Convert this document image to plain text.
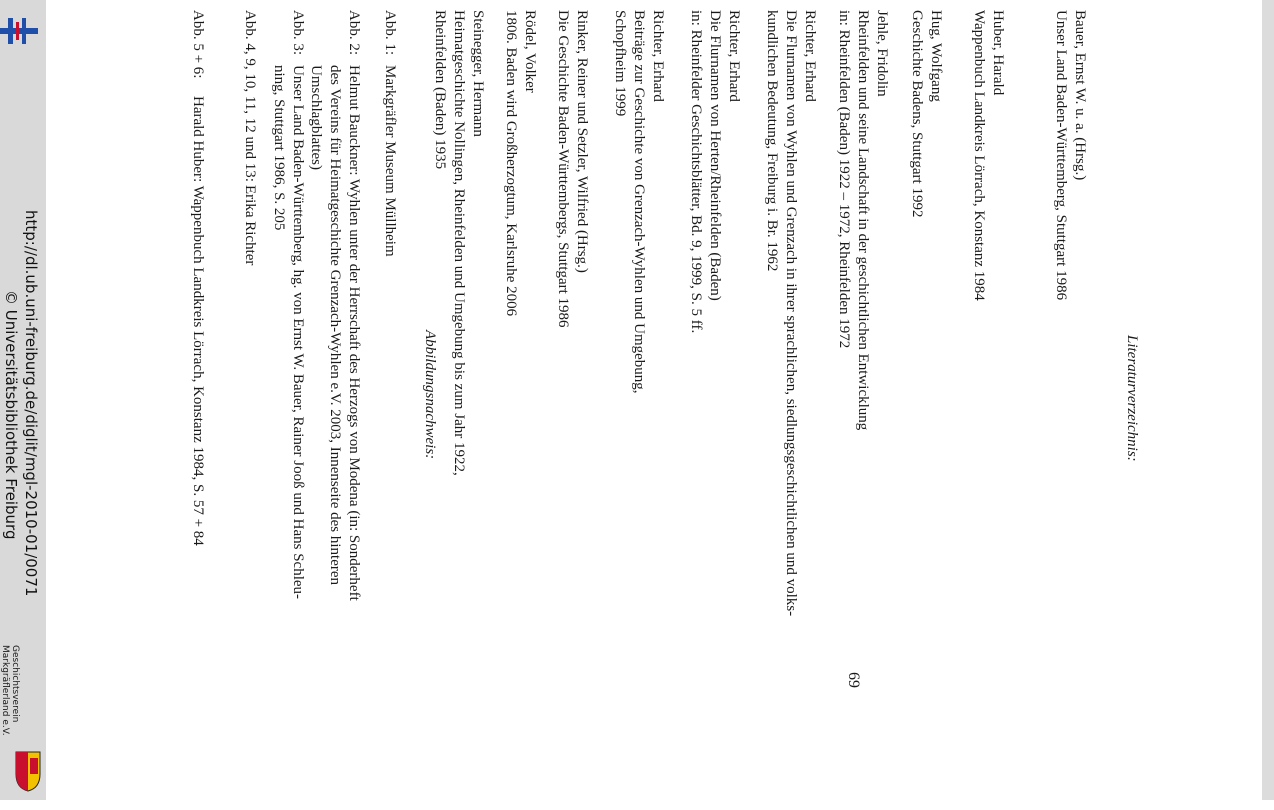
http://dl.ub.uni-freiburg.de/diglit/mgl-2010-01/0071
© Universitätsbibliothek Freiburg
Geschichtsverein
Markgräflerland e.V.
Literaturverzeichnis:
Bauer, Ernst W. u. a. (Hrsg.)
Unser Land Baden-Württemberg, Stuttgart 1986
Huber, Harald
Wappenbuch Landkreis Lörrach, Konstanz 1984
Hug, Wolfgang
Geschichte Badens, Stuttgart 1992
Jehle, Fridolin
Rheinfelden und seine Landschaft in der geschichtlichen Entwicklung
in: Rheinfelden (Baden) 1922 – 1972, Rheinfelden 1972
Richter, Erhard
Die Flurnamen von Wyhlen und Grenzach in ihrer sprachlichen, siedlungsgeschichtlichen und volks-
kundlichen Bedeutung, Freiburg i. Br. 1962
Richter, Erhard
Die Flurnamen von Herten/Rheinfelden (Baden)
in: Rheinfelder Geschichtsblätter, Bd. 9, 1999, S. 5 ff.
Richter, Erhard
Beiträge zur Geschichte von Grenzach-Wyhlen und Umgebung,
Schopfheim 1999
Rinker, Reiner und Setzler, Wilfried (Hrsg.)
Die Geschichte Baden-Württembergs, Stuttgart 1986
Rödel, Volker
1806. Baden wird Großherzogtum, Karlsruhe 2006
Steinegger, Hermann
Heimatgeschichte Nollingen, Rheinfelden und Umgebung bis zum Jahr 1922,
Rheinfelden (Baden) 1935
Abbildungsnachweis:
Abb. 1:
Markgräfler Museum Müllheim
Abb. 2:
Helmut Bauckner: Wyhlen unter der Herrschaft des Herzogs von Modena (in: Sonderheft
des Vereins für Heimatgeschichte Grenzach-Wyhlen e.V. 2003, Innenseite des hinteren
Umschlagblattes)
Abb. 3:
Unser Land Baden-Württemberg, hg. von Ernst W. Bauer, Rainer Jooß und Hans Schleu-
ning, Stuttgart 1986, S. 205
Abb. 4, 9, 10, 11, 12 und 13:
Erika Richter
Abb. 5 + 6:
Harald Huber: Wappenbuch Landkreis Lörrach, Konstanz 1984, S. 57 + 84
69
